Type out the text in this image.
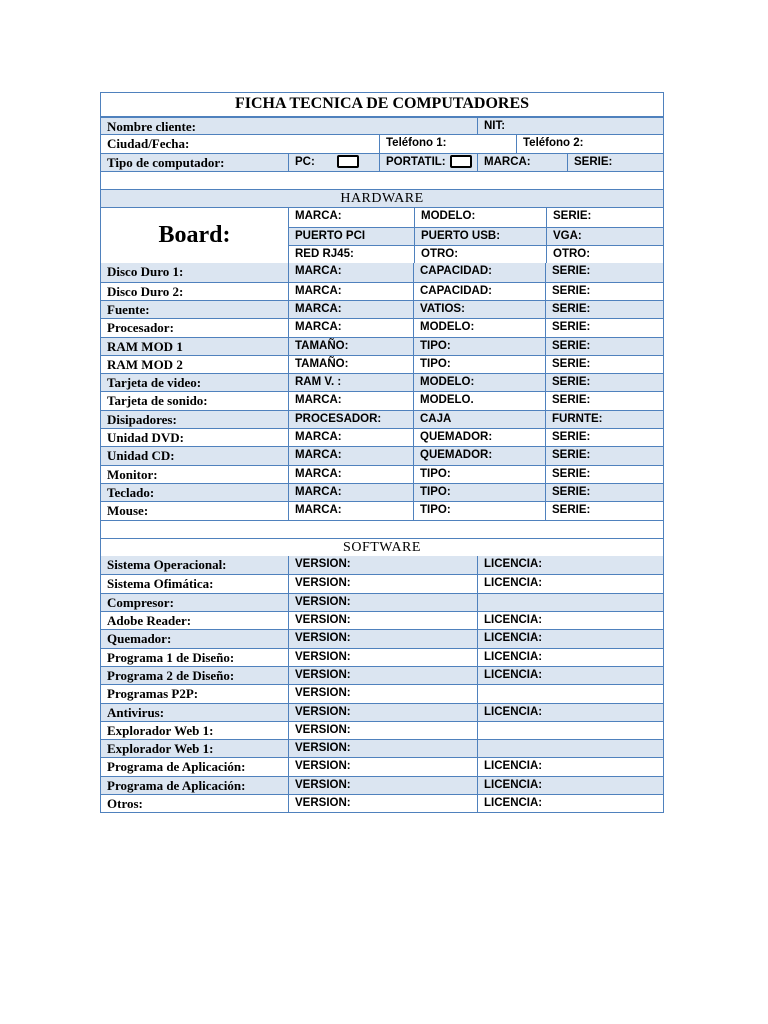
FICHA TECNICA DE COMPUTADORES
Nombre cliente:	NIT:
Ciudad/Fecha:	Teléfono 1:	Teléfono 2:
Tipo de computador:	PC:	PORTATIL:	MARCA:	SERIE:
HARDWARE
Board:
MARCA:	MODELO:	SERIE:
PUERTO PCI	PUERTO USB:	VGA:
RED RJ45:	OTRO:	OTRO:
Disco Duro 1:	MARCA:	CAPACIDAD:	SERIE:
Disco Duro 2:	MARCA:	CAPACIDAD:	SERIE:
Fuente:	MARCA:	VATIOS:	SERIE:
Procesador:	MARCA:	MODELO:	SERIE:
RAM MOD 1	TAMAÑO:	TIPO:	SERIE:
RAM MOD 2	TAMAÑO:	TIPO:	SERIE:
Tarjeta de video:	RAM V. :	MODELO:	SERIE:
Tarjeta de sonido:	MARCA:	MODELO.	SERIE:
Disipadores:	PROCESADOR:	CAJA	FURNTE:
Unidad DVD:	MARCA:	QUEMADOR:	SERIE:
Unidad CD:	MARCA:	QUEMADOR:	SERIE:
Monitor:	MARCA:	TIPO:	SERIE:
Teclado:	MARCA:	TIPO:	SERIE:
Mouse:	MARCA:	TIPO:	SERIE:
SOFTWARE
Sistema Operacional:	VERSION:	LICENCIA:
Sistema Ofimática:	VERSION:	LICENCIA:
Compresor:	VERSION:
Adobe Reader:	VERSION:	LICENCIA:
Quemador:	VERSION:	LICENCIA:
Programa 1 de Diseño:	VERSION:	LICENCIA:
Programa 2 de Diseño:	VERSION:	LICENCIA:
Programas P2P:	VERSION:
Antivirus:	VERSION:	LICENCIA:
Explorador Web 1:	VERSION:
Explorador Web 1:	VERSION:
Programa de Aplicación:	VERSION:	LICENCIA:
Programa de Aplicación:	VERSION:	LICENCIA:
Otros:	VERSION:	LICENCIA:
